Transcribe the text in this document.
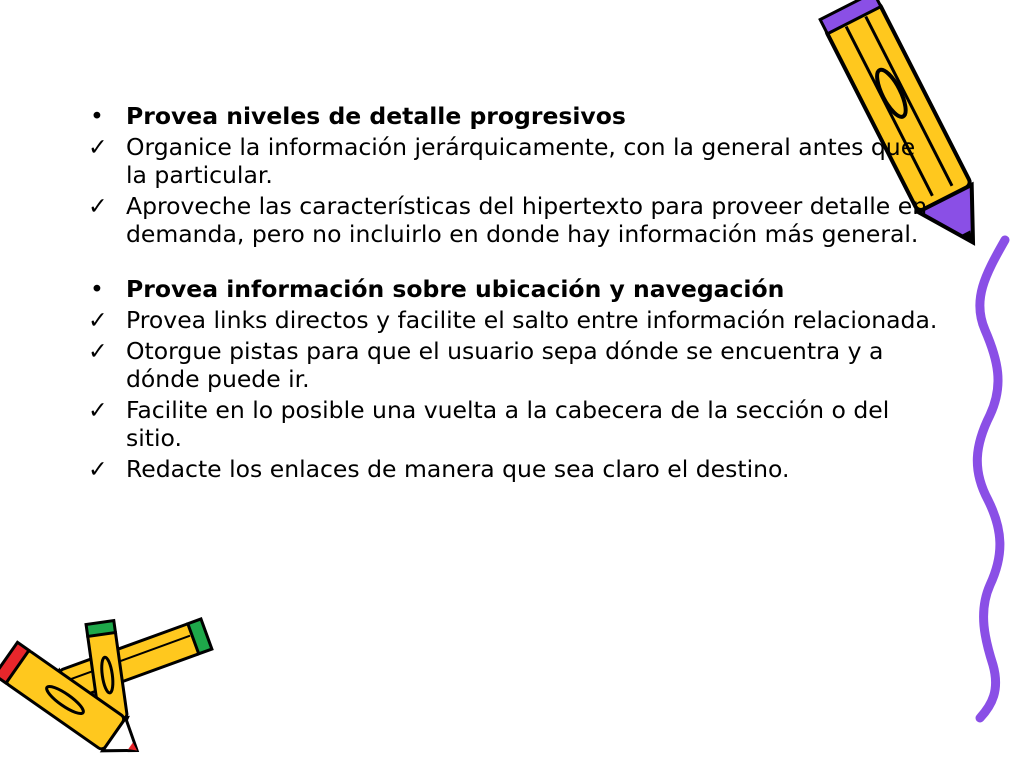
• Provea niveles de detalle progresivos
✓ Organice la información jerárquicamente, con la general antes que la particular.
✓ Aproveche las características del hipertexto para proveer detalle en demanda, pero no incluirlo en donde hay información más general.
• Provea información sobre ubicación y navegación
✓ Provea links directos y facilite el salto entre información relacionada.
✓ Otorgue pistas para que el usuario sepa dónde se encuentra y a dónde puede ir.
✓ Facilite en lo posible una vuelta a la cabecera de la sección o del sitio.
✓ Redacte los enlaces de manera que sea claro el destino.
